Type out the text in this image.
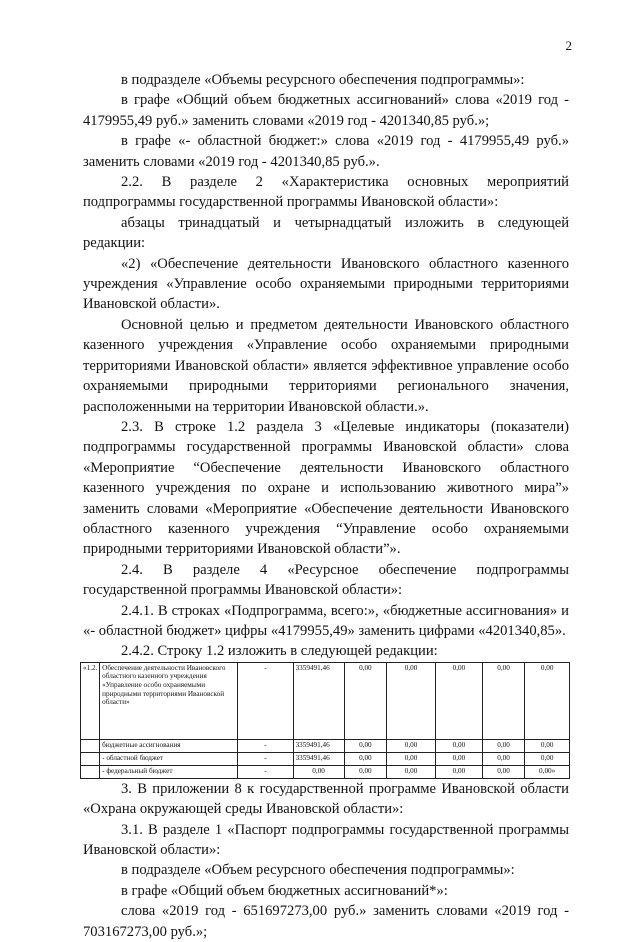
2

в подразделе «Объемы ресурсного обеспечения подпрограммы»:

в графе «Общий объем бюджетных ассигнований» слова «2019 год - 4179955,49 руб.» заменить словами «2019 год - 4201340,85 руб.»;

в графе «- областной бюджет:» слова «2019 год - 4179955,49 руб.» заменить словами «2019 год - 4201340,85 руб.».

2.2. В разделе 2 «Характеристика основных мероприятий подпрограммы государственной программы Ивановской области»:

абзацы тринадцатый и четырнадцатый изложить в следующей редакции:

«2) «Обеспечение деятельности Ивановского областного казенного учреждения «Управление особо охраняемыми природными территориями Ивановской области».

Основной целью и предметом деятельности Ивановского областного казенного учреждения «Управление особо охраняемыми природными территориями Ивановской области» является эффективное управление особо охраняемыми природными территориями регионального значения, расположенными на территории Ивановской области.».

2.3. В строке 1.2 раздела 3 «Целевые индикаторы (показатели) подпрограммы государственной программы Ивановской области» слова «Мероприятие “Обеспечение деятельности Ивановского областного казенного учреждения по охране и использованию животного мира”» заменить словами «Мероприятие «Обеспечение деятельности Ивановского областного казенного учреждения “Управление особо охраняемыми природными территориями Ивановской области”».

2.4. В разделе 4 «Ресурсное обеспечение подпрограммы государственной программы Ивановской области»:

2.4.1. В строках «Подпрограмма, всего:», «бюджетные ассигнования» и «- областной бюджет» цифры «4179955,49» заменить цифрами «4201340,85».

2.4.2. Строку 1.2 изложить в следующей редакции:

«1.2.	Обеспечение деятельности Ивановского областного казенного учреждения «Управление особо охраняемыми природными территориями Ивановской области»	-	3359491,46	0,00	0,00	0,00	0,00	0,00
	бюджетные ассигнования	-	3359491,46	0,00	0,00	0,00	0,00	0,00
	- областной бюджет	-	3359491,46	0,00	0,00	0,00	0,00	0,00
	- федеральный бюджет	-	0,00	0,00	0,00	0,00	0,00	0,00»

3. В приложении 8 к государственной программе Ивановской области «Охрана окружающей среды Ивановской области»:

3.1. В разделе 1 «Паспорт подпрограммы государственной программы Ивановской области»:

в подразделе «Объем ресурсного обеспечения подпрограммы»:

в графе «Общий объем бюджетных ассигнований*»:

слова «2019 год - 651697273,00 руб.» заменить словами «2019 год - 703167273,00 руб.»;
